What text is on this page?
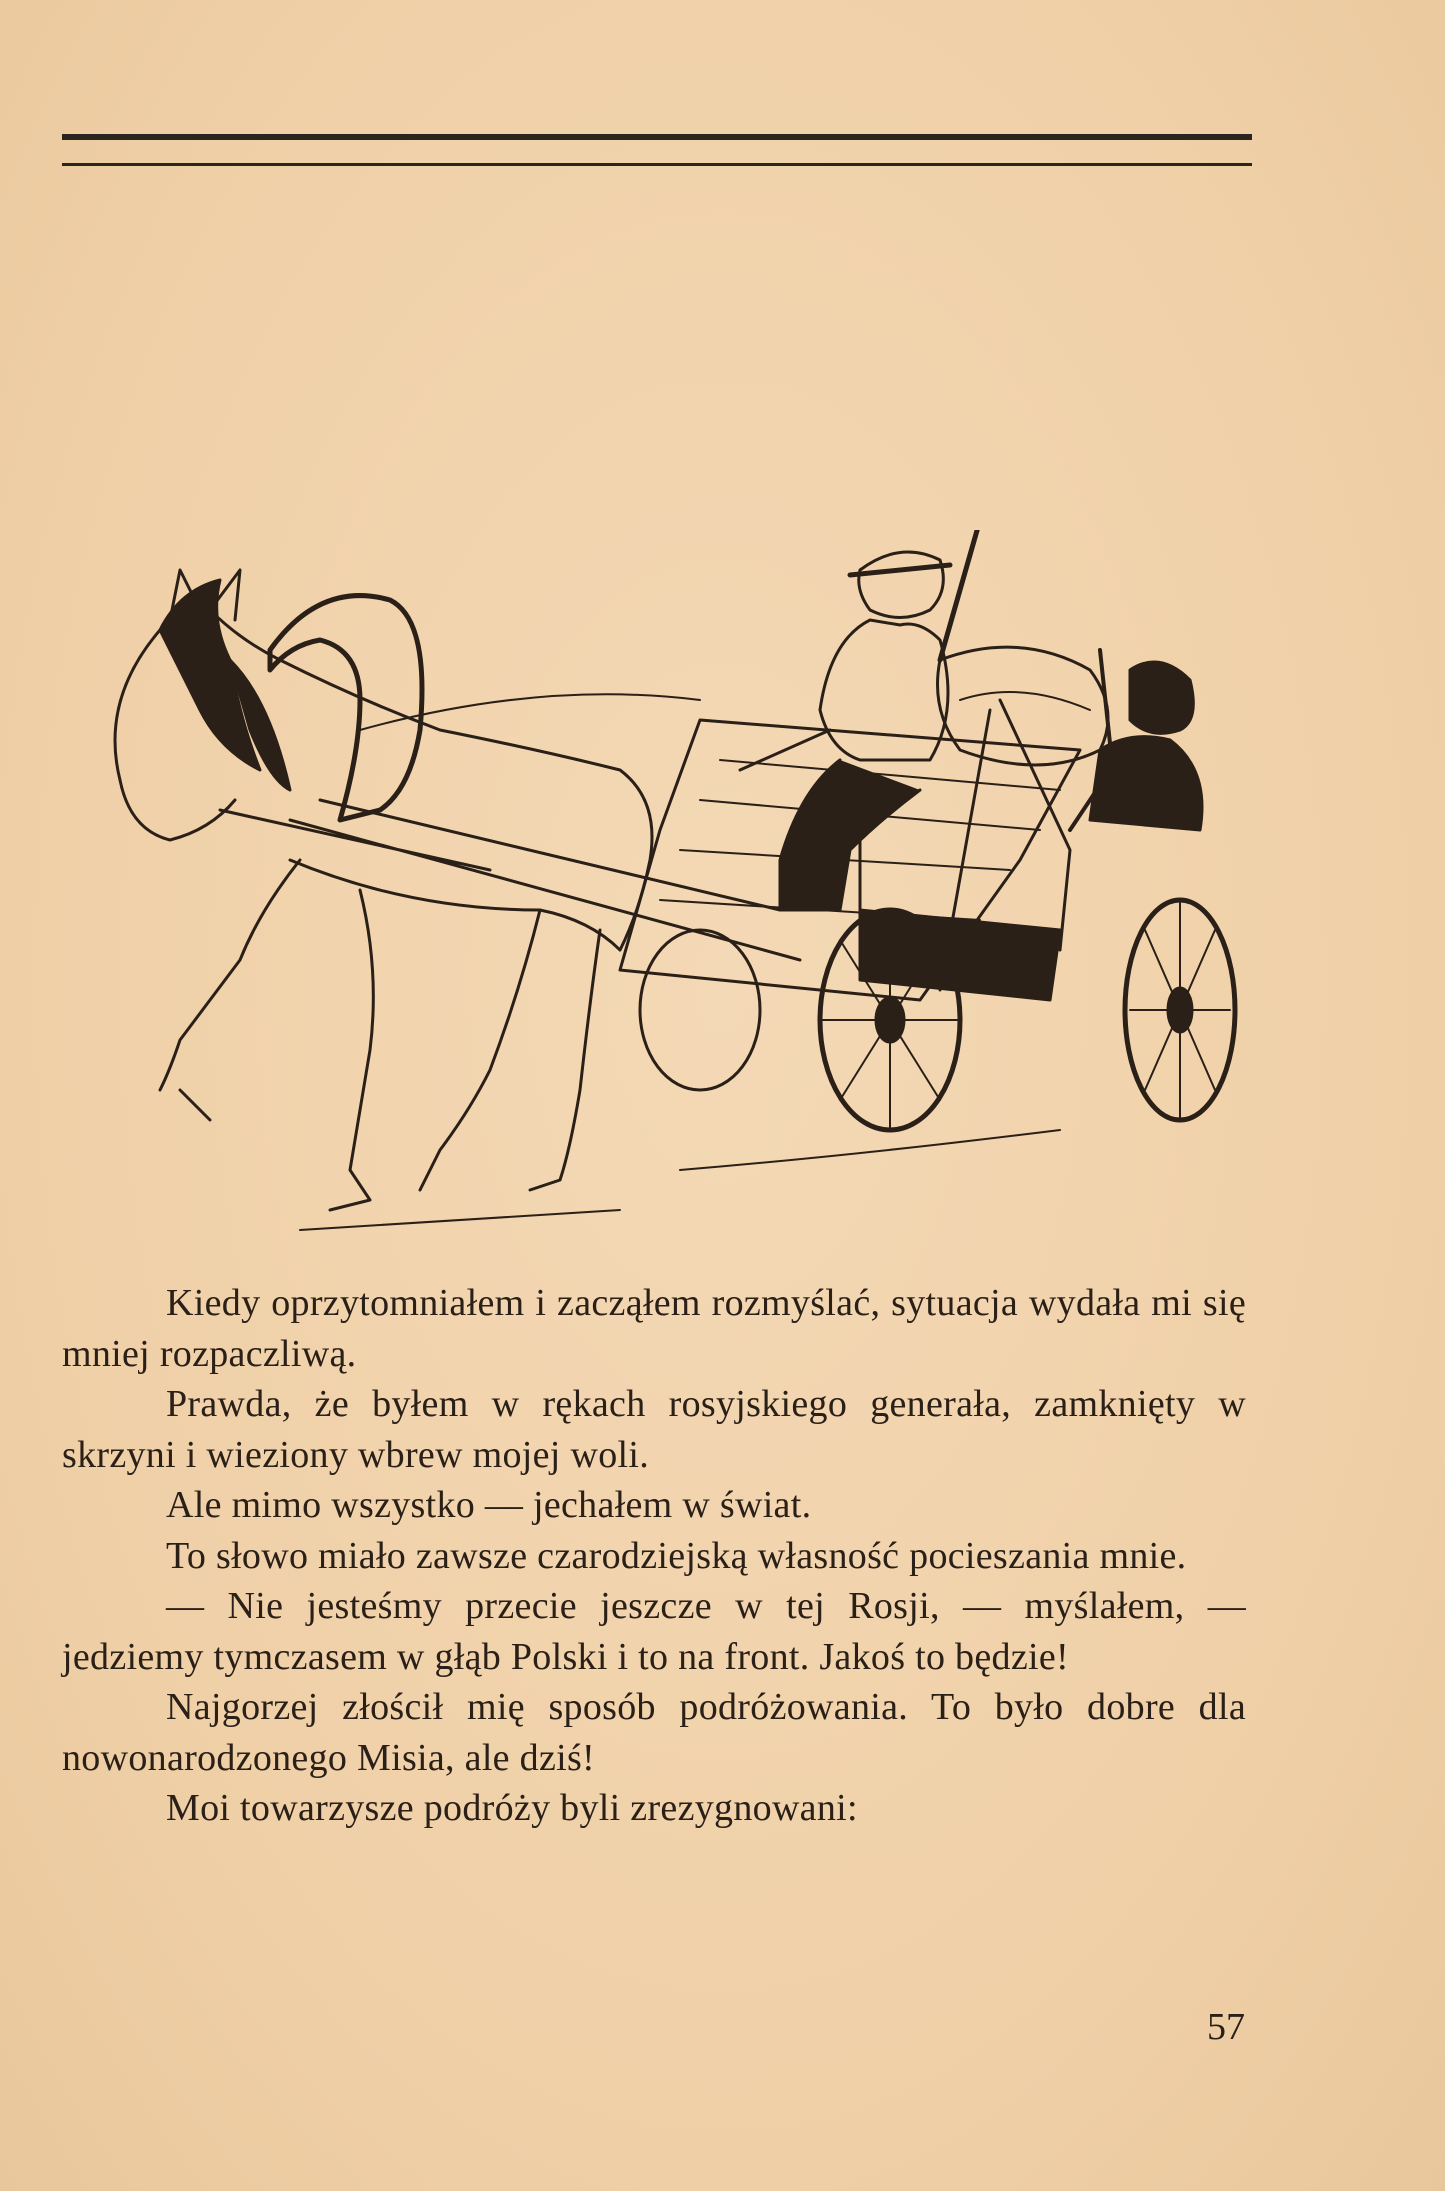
Kiedy oprzytomniałem i zacząłem rozmyślać, sytuacja wydała mi się mniej rozpaczliwą.

Prawda, że byłem w rękach rosyjskiego generała, zamknięty w skrzyni i wieziony wbrew mojej woli.

Ale mimo wszystko — jechałem w świat.

To słowo miało zawsze czarodziejską własność pocieszania mnie.

— Nie jesteśmy przecie jeszcze w tej Rosji, — myślałem, — jedziemy tymczasem w głąb Polski i to na front. Jakoś to będzie!

Najgorzej złościł mię sposób podróżowania. To było dobre dla nowonarodzonego Misia, ale dziś!

Moi towarzysze podróży byli zrezygnowani:

57
